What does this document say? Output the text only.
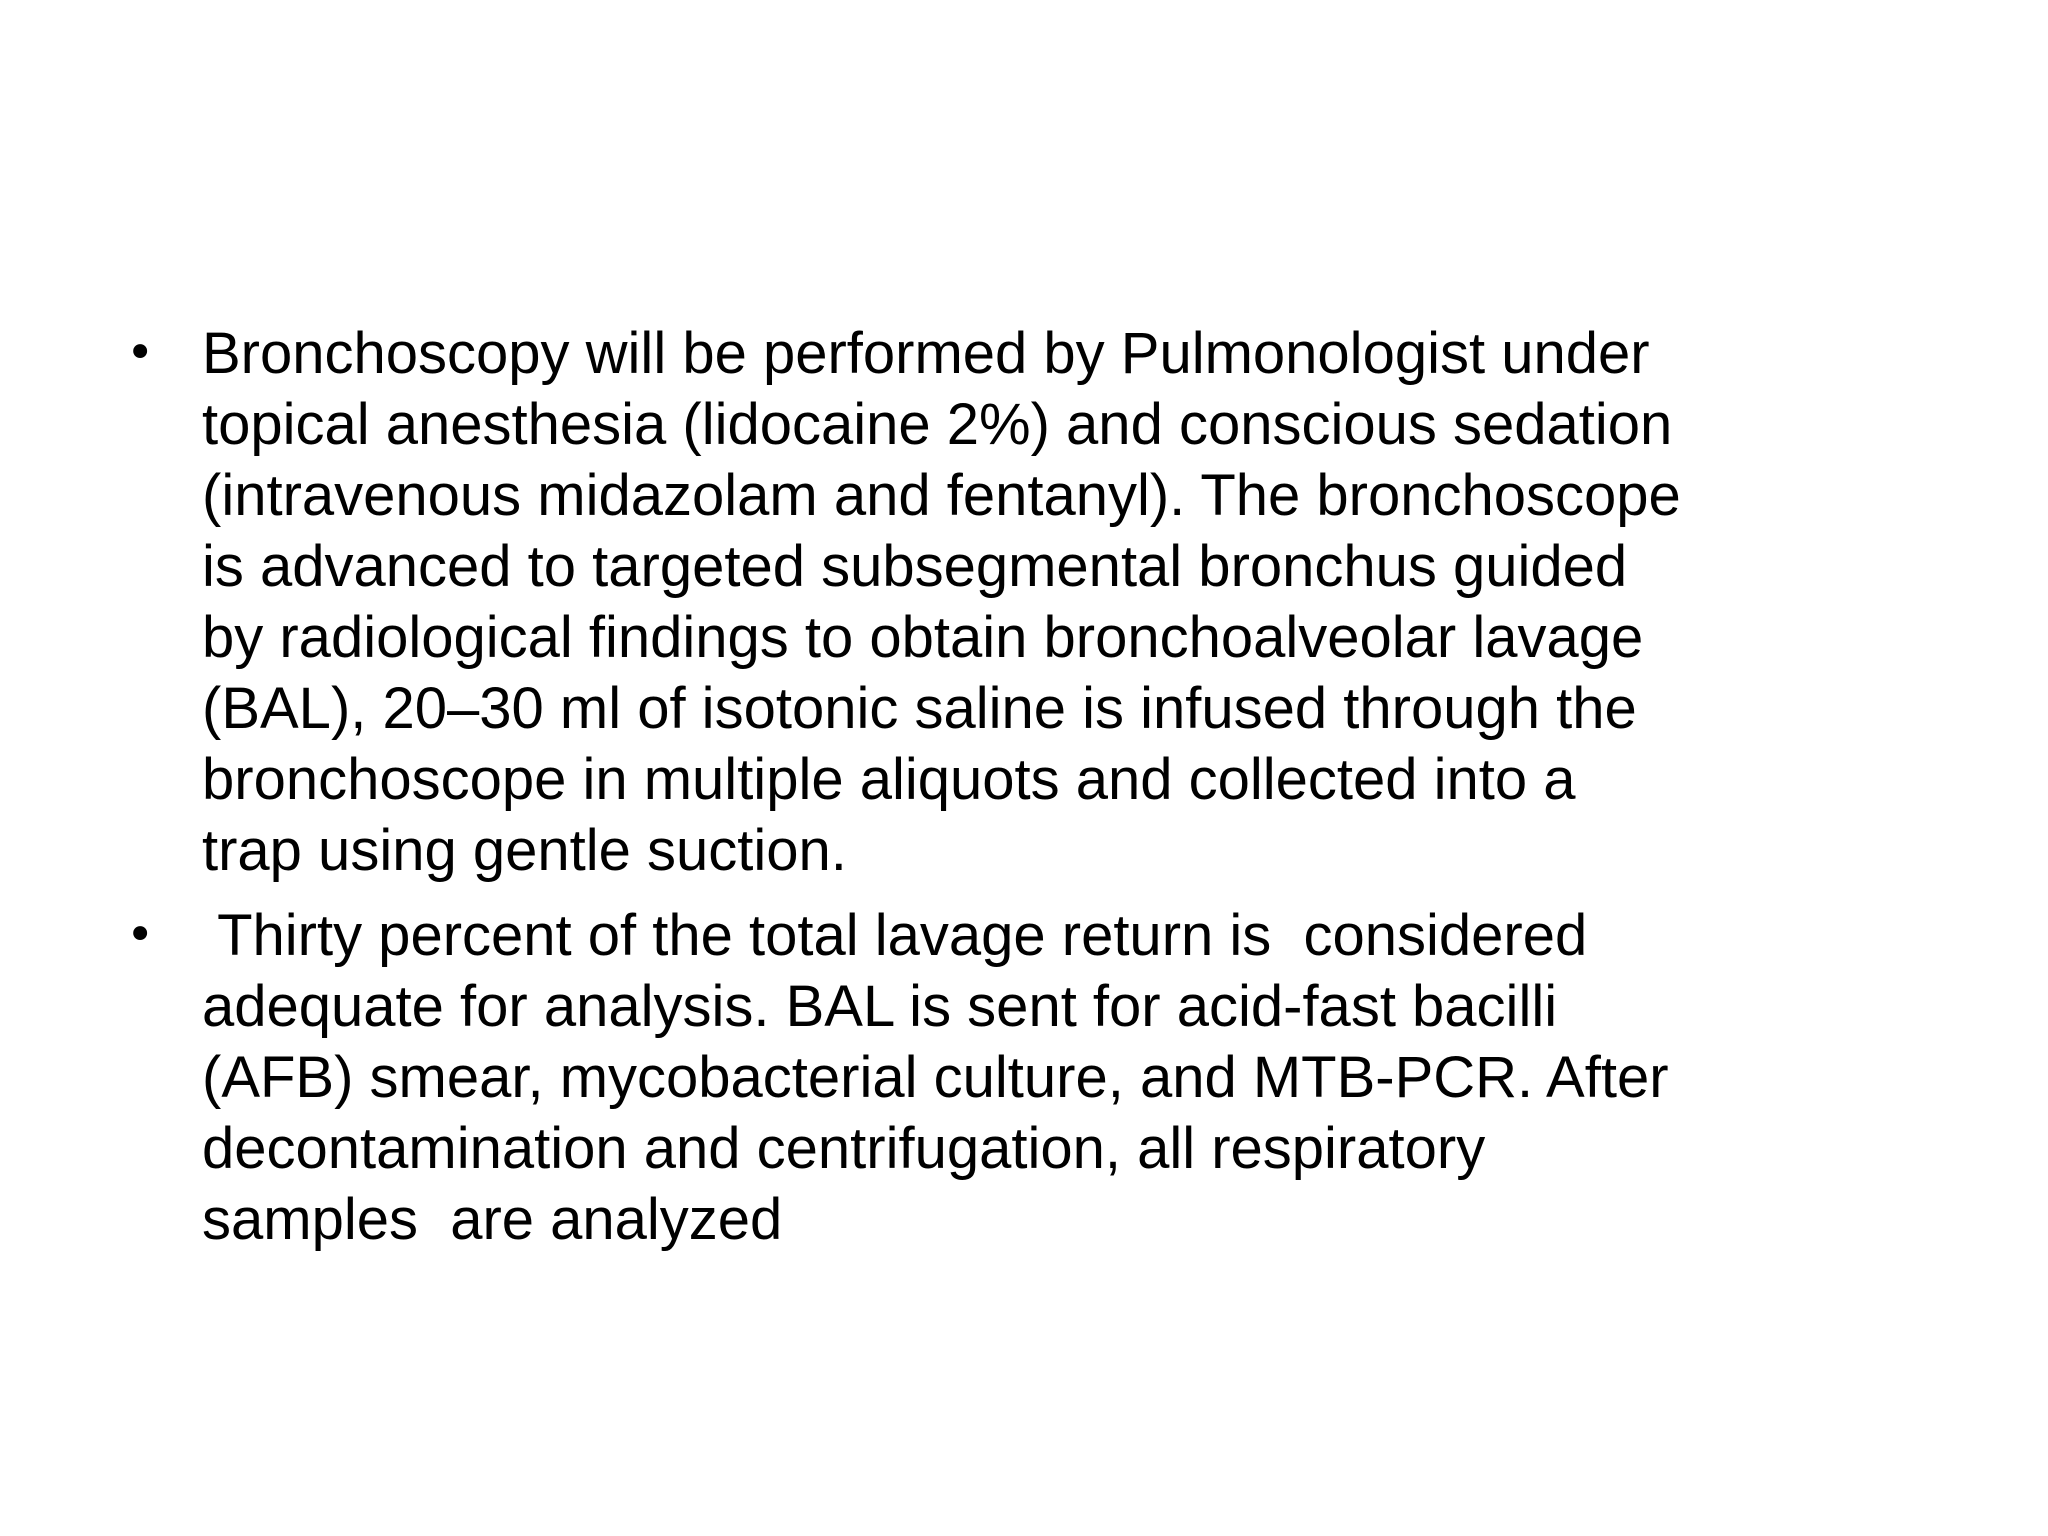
• Bronchoscopy will be performed by Pulmonologist under
topical anesthesia (lidocaine 2%) and conscious sedation
(intravenous midazolam and fentanyl). The bronchoscope
is advanced to targeted subsegmental bronchus guided
by radiological findings to obtain bronchoalveolar lavage
(BAL), 20–30 ml of isotonic saline is infused through the
bronchoscope in multiple aliquots and collected into a
trap using gentle suction.
• Thirty percent of the total lavage return is  considered
adequate for analysis. BAL is sent for acid-fast bacilli
(AFB) smear, mycobacterial culture, and MTB-PCR. After
decontamination and centrifugation, all respiratory
samples  are analyzed
